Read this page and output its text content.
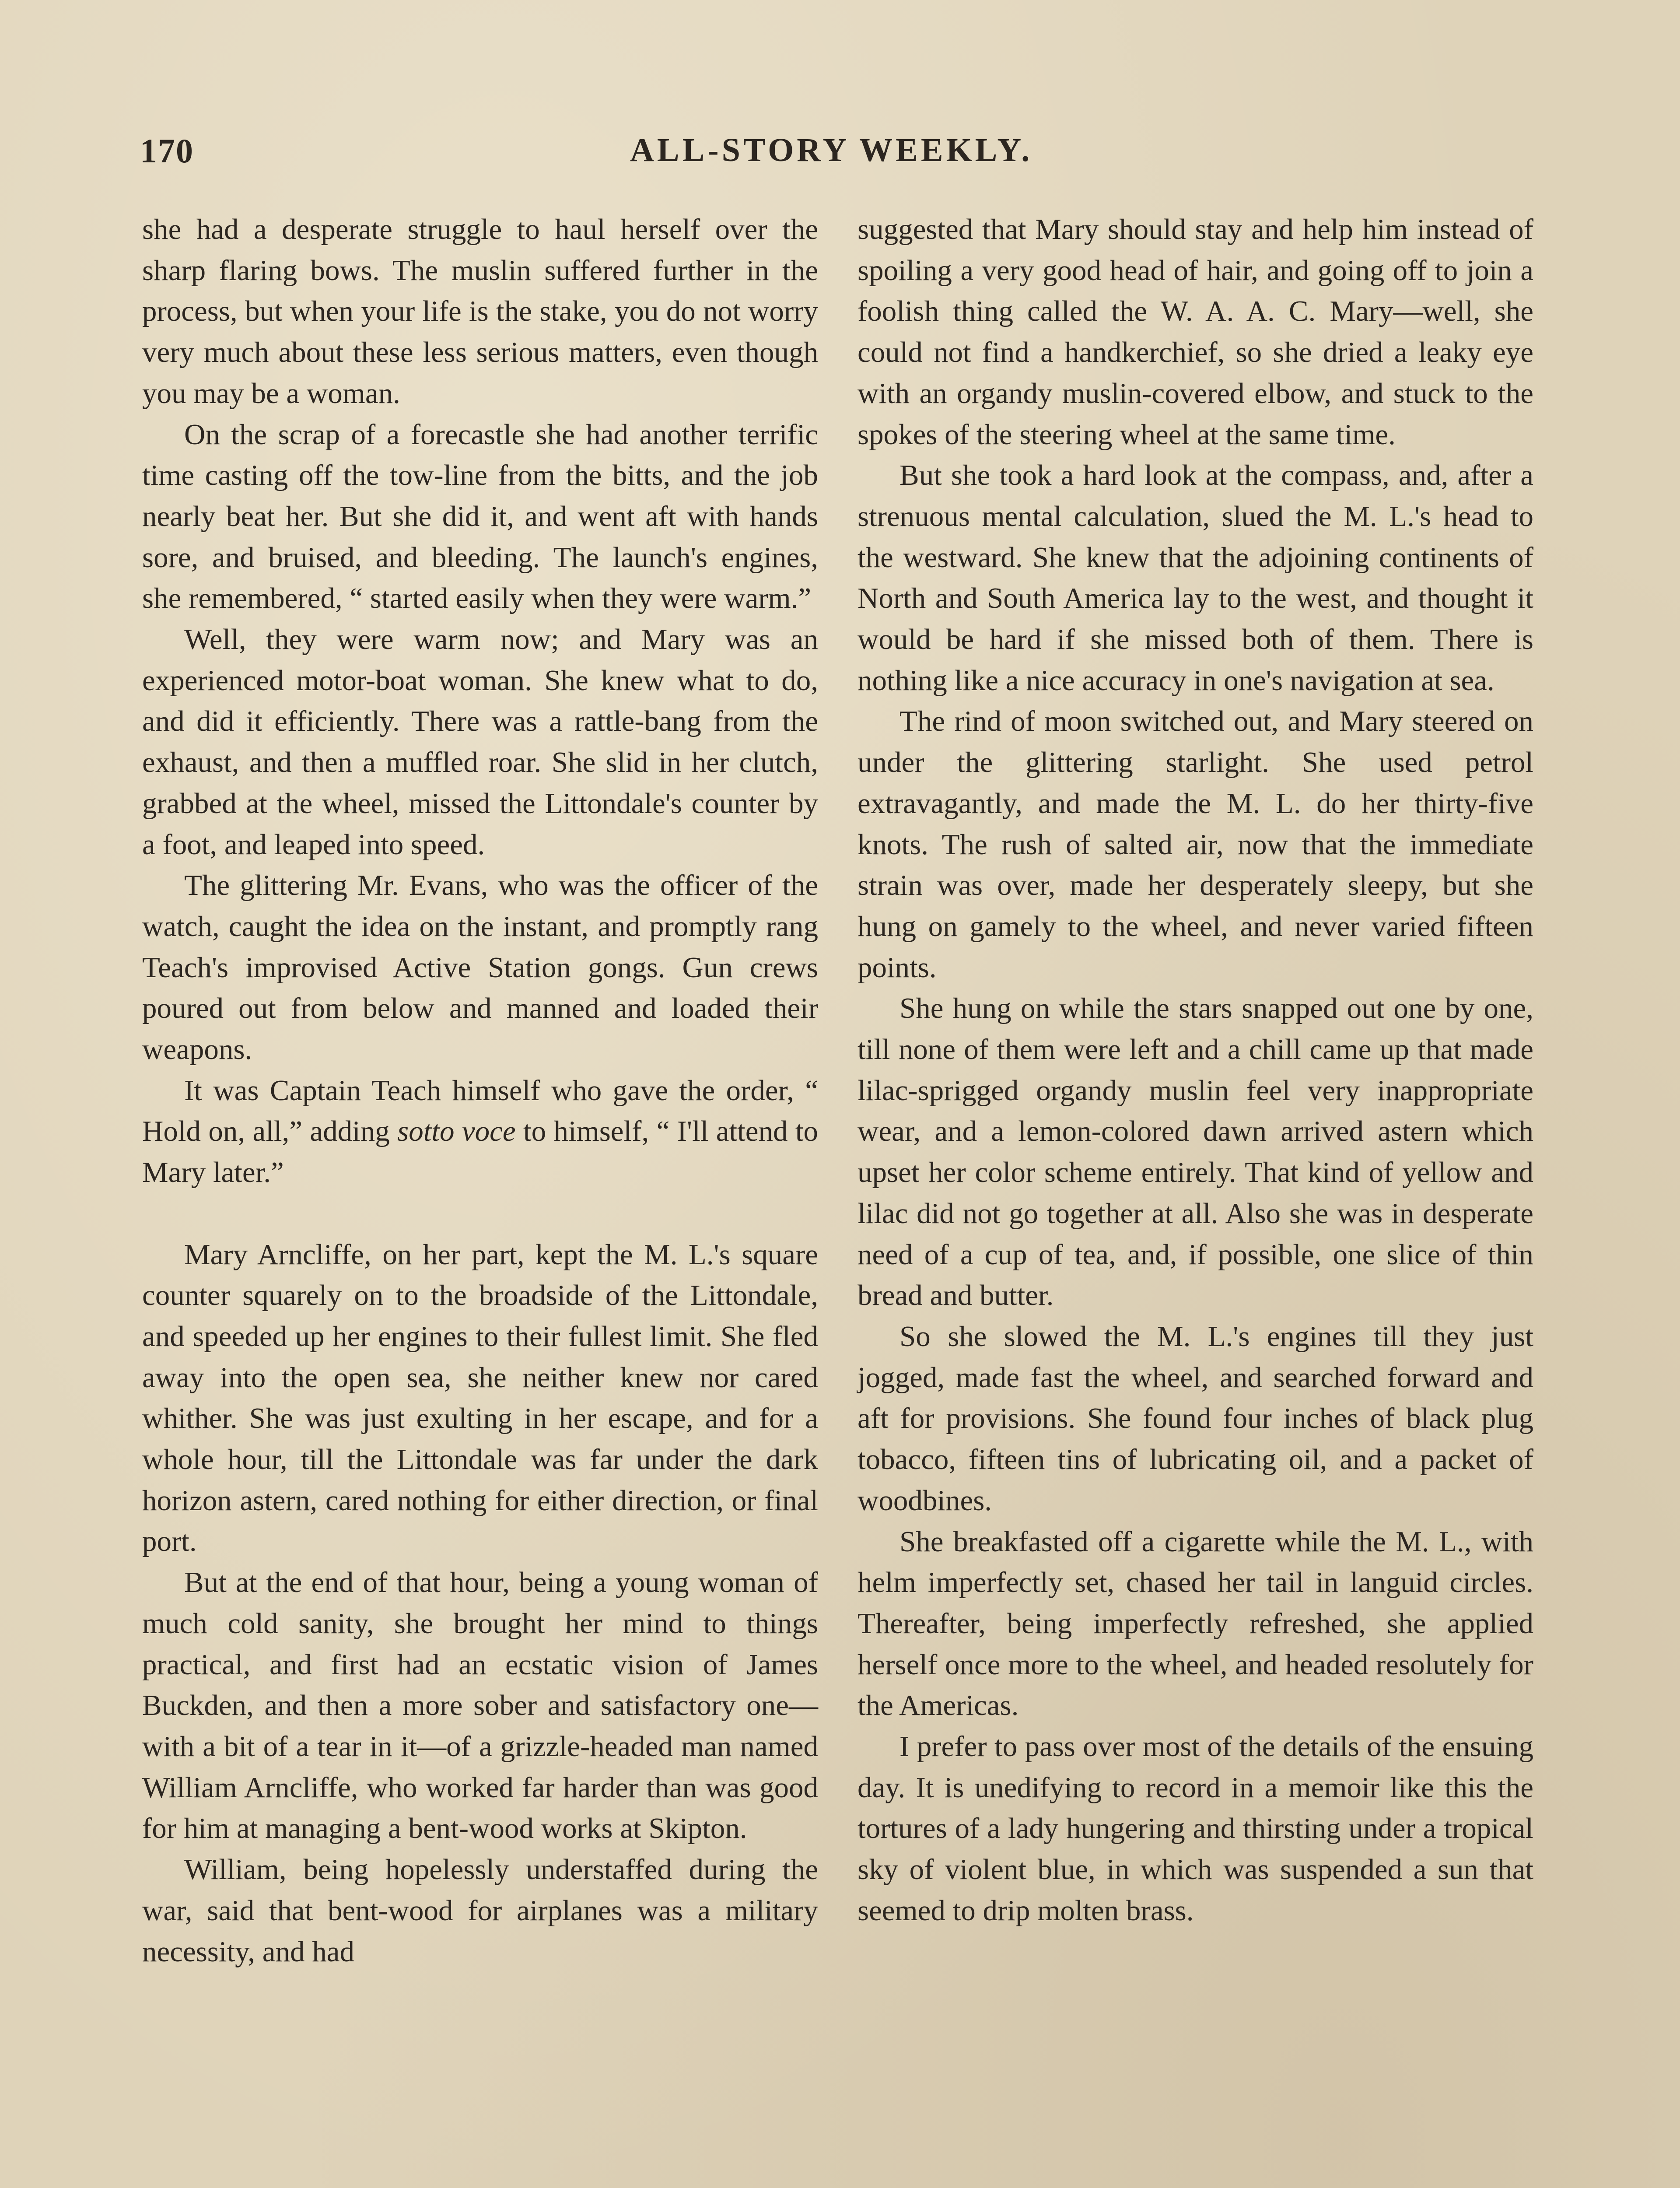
170	ALL-STORY WEEKLY.

she had a desperate struggle to haul herself over the sharp flaring bows. The muslin suffered further in the process, but when your life is the stake, you do not worry very much about these less serious matters, even though you may be a woman.

On the scrap of a forecastle she had another terrific time casting off the tow-line from the bitts, and the job nearly beat her. But she did it, and went aft with hands sore, and bruised, and bleeding. The launch's engines, she remembered, “ started easily when they were warm.”

Well, they were warm now; and Mary was an experienced motor-boat woman. She knew what to do, and did it efficiently. There was a rattle-bang from the exhaust, and then a muffled roar. She slid in her clutch, grabbed at the wheel, missed the Littondale's counter by a foot, and leaped into speed.

The glittering Mr. Evans, who was the officer of the watch, caught the idea on the instant, and promptly rang Teach's improvised Active Station gongs. Gun crews poured out from below and manned and loaded their weapons.

It was Captain Teach himself who gave the order, “ Hold on, all,” adding sotto voce to himself, “ I'll attend to Mary later.”

Mary Arncliffe, on her part, kept the M. L.'s square counter squarely on to the broadside of the Littondale, and speeded up her engines to their fullest limit. She fled away into the open sea, she neither knew nor cared whither. She was just exulting in her escape, and for a whole hour, till the Littondale was far under the dark horizon astern, cared nothing for either direction, or final port.

But at the end of that hour, being a young woman of much cold sanity, she brought her mind to things practical, and first had an ecstatic vision of James Buckden, and then a more sober and satisfactory one—with a bit of a tear in it—of a grizzle-headed man named William Arncliffe, who worked far harder than was good for him at managing a bent-wood works at Skipton.

William, being hopelessly understaffed during the war, said that bent-wood for airplanes was a military necessity, and had

suggested that Mary should stay and help him instead of spoiling a very good head of hair, and going off to join a foolish thing called the W. A. A. C. Mary—well, she could not find a handkerchief, so she dried a leaky eye with an organdy muslin-covered elbow, and stuck to the spokes of the steering wheel at the same time.

But she took a hard look at the compass, and, after a strenuous mental calculation, slued the M. L.'s head to the westward. She knew that the adjoining continents of North and South America lay to the west, and thought it would be hard if she missed both of them. There is nothing like a nice accuracy in one's navigation at sea.

The rind of moon switched out, and Mary steered on under the glittering starlight. She used petrol extravagantly, and made the M. L. do her thirty-five knots. The rush of salted air, now that the immediate strain was over, made her desperately sleepy, but she hung on gamely to the wheel, and never varied fifteen points.

She hung on while the stars snapped out one by one, till none of them were left and a chill came up that made lilac-sprigged organdy muslin feel very inappropriate wear, and a lemon-colored dawn arrived astern which upset her color scheme entirely. That kind of yellow and lilac did not go together at all. Also she was in desperate need of a cup of tea, and, if possible, one slice of thin bread and butter.

So she slowed the M. L.'s engines till they just jogged, made fast the wheel, and searched forward and aft for provisions. She found four inches of black plug tobacco, fifteen tins of lubricating oil, and a packet of woodbines.

She breakfasted off a cigarette while the M. L., with helm imperfectly set, chased her tail in languid circles. Thereafter, being imperfectly refreshed, she applied herself once more to the wheel, and headed resolutely for the Americas.

I prefer to pass over most of the details of the ensuing day. It is unedifying to record in a memoir like this the tortures of a lady hungering and thirsting under a tropical sky of violent blue, in which was suspended a sun that seemed to drip molten brass.
